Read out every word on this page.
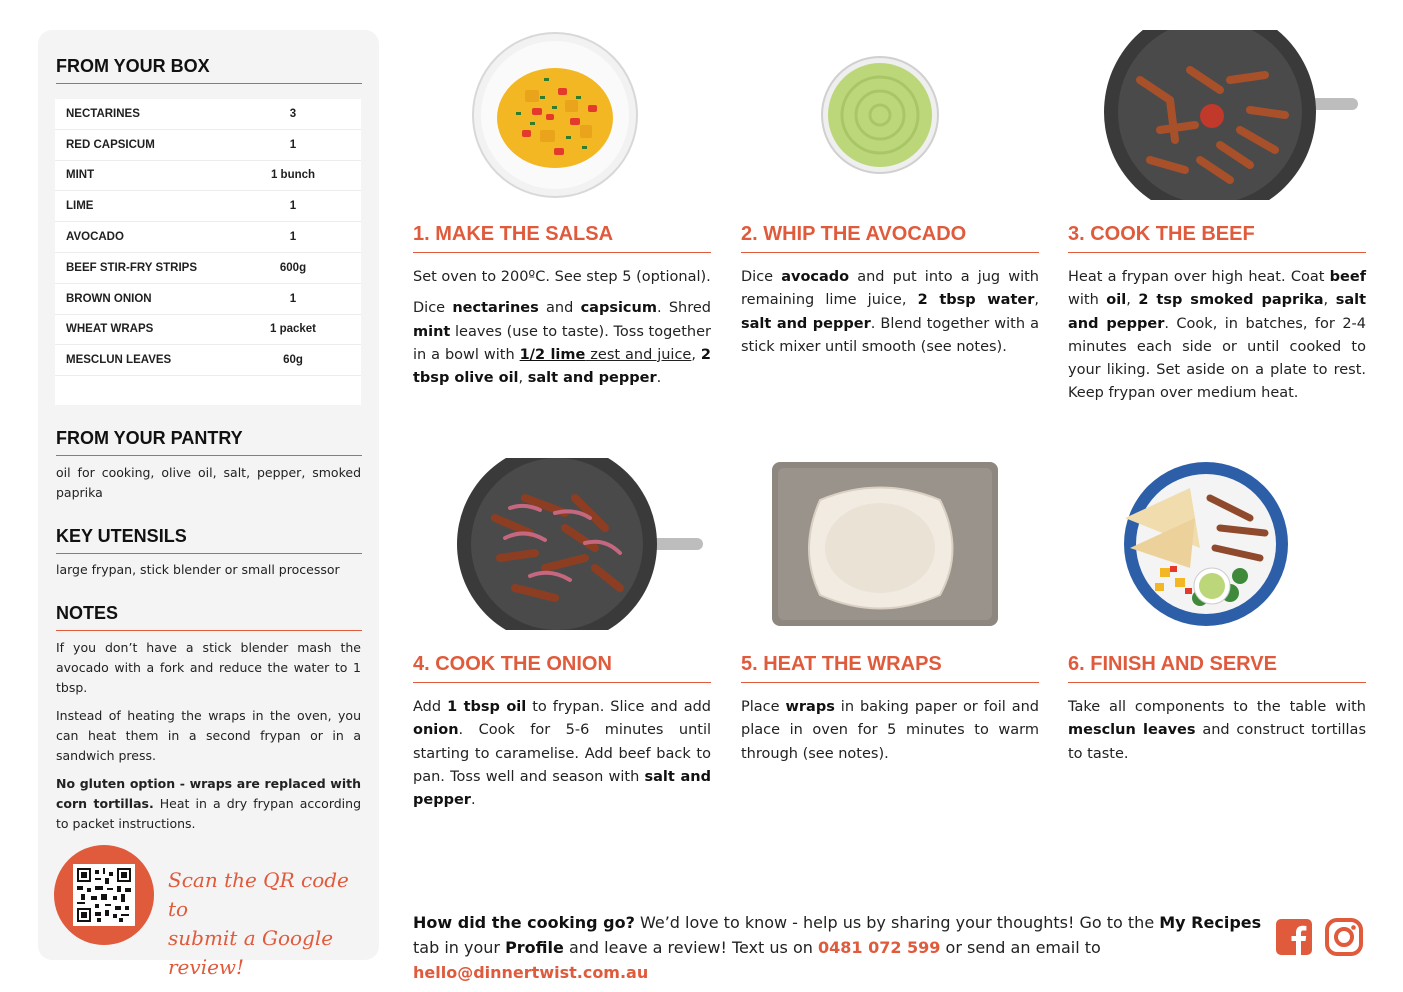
FROM YOUR BOX
NECTARINES	3
RED CAPSICUM	1
MINT	1 bunch
LIME	1
AVOCADO	1
BEEF STIR-FRY STRIPS	600g
BROWN ONION	1
WHEAT WRAPS	1 packet
MESCLUN LEAVES	60g
FROM YOUR PANTRY
oil for cooking, olive oil, salt, pepper, smoked paprika
KEY UTENSILS
large frypan, stick blender or small processor
NOTES
If you don’t have a stick blender mash the avocado with a fork and reduce the water to 1 tbsp.
Instead of heating the wraps in the oven, you can heat them in a second frypan or in a sandwich press.
No gluten option - wraps are replaced with corn tortillas. Heat in a dry frypan according to packet instructions.
Scan the QR code to
submit a Google review!
1. MAKE THE SALSA

Set oven to 200ºC. See step 5 (optional).

Dice nectarines and capsicum. Shred mint leaves (use to taste). Toss together in a bowl with 1/2 lime zest and juice, 2 tbsp olive oil, salt and pepper.

2. WHIP THE AVOCADO

Dice avocado and put into a jug with remaining lime juice, 2 tbsp water, salt and pepper. Blend together with a stick mixer until smooth (see notes).

3. COOK THE BEEF

Heat a frypan over high heat. Coat beef with oil, 2 tsp smoked paprika, salt and pepper. Cook, in batches, for 2-4 minutes each side or until cooked to your liking. Set aside on a plate to rest. Keep frypan over medium heat.

4. COOK THE ONION

Add 1 tbsp oil to frypan. Slice and add onion. Cook for 5-6 minutes until starting to caramelise. Add beef back to pan. Toss well and season with salt and pepper.

5. HEAT THE WRAPS

Place wraps in baking paper or foil and place in oven for 5 minutes to warm through (see notes).

6. FINISH AND SERVE

Take all components to the table with mesclun leaves and construct tortillas to taste.

How did the cooking go? We’d love to know - help us by sharing your thoughts! Go to the My Recipes tab in your Profile and leave a review! Text us on 0481 072 599 or send an email to hello@dinnertwist.com.au
